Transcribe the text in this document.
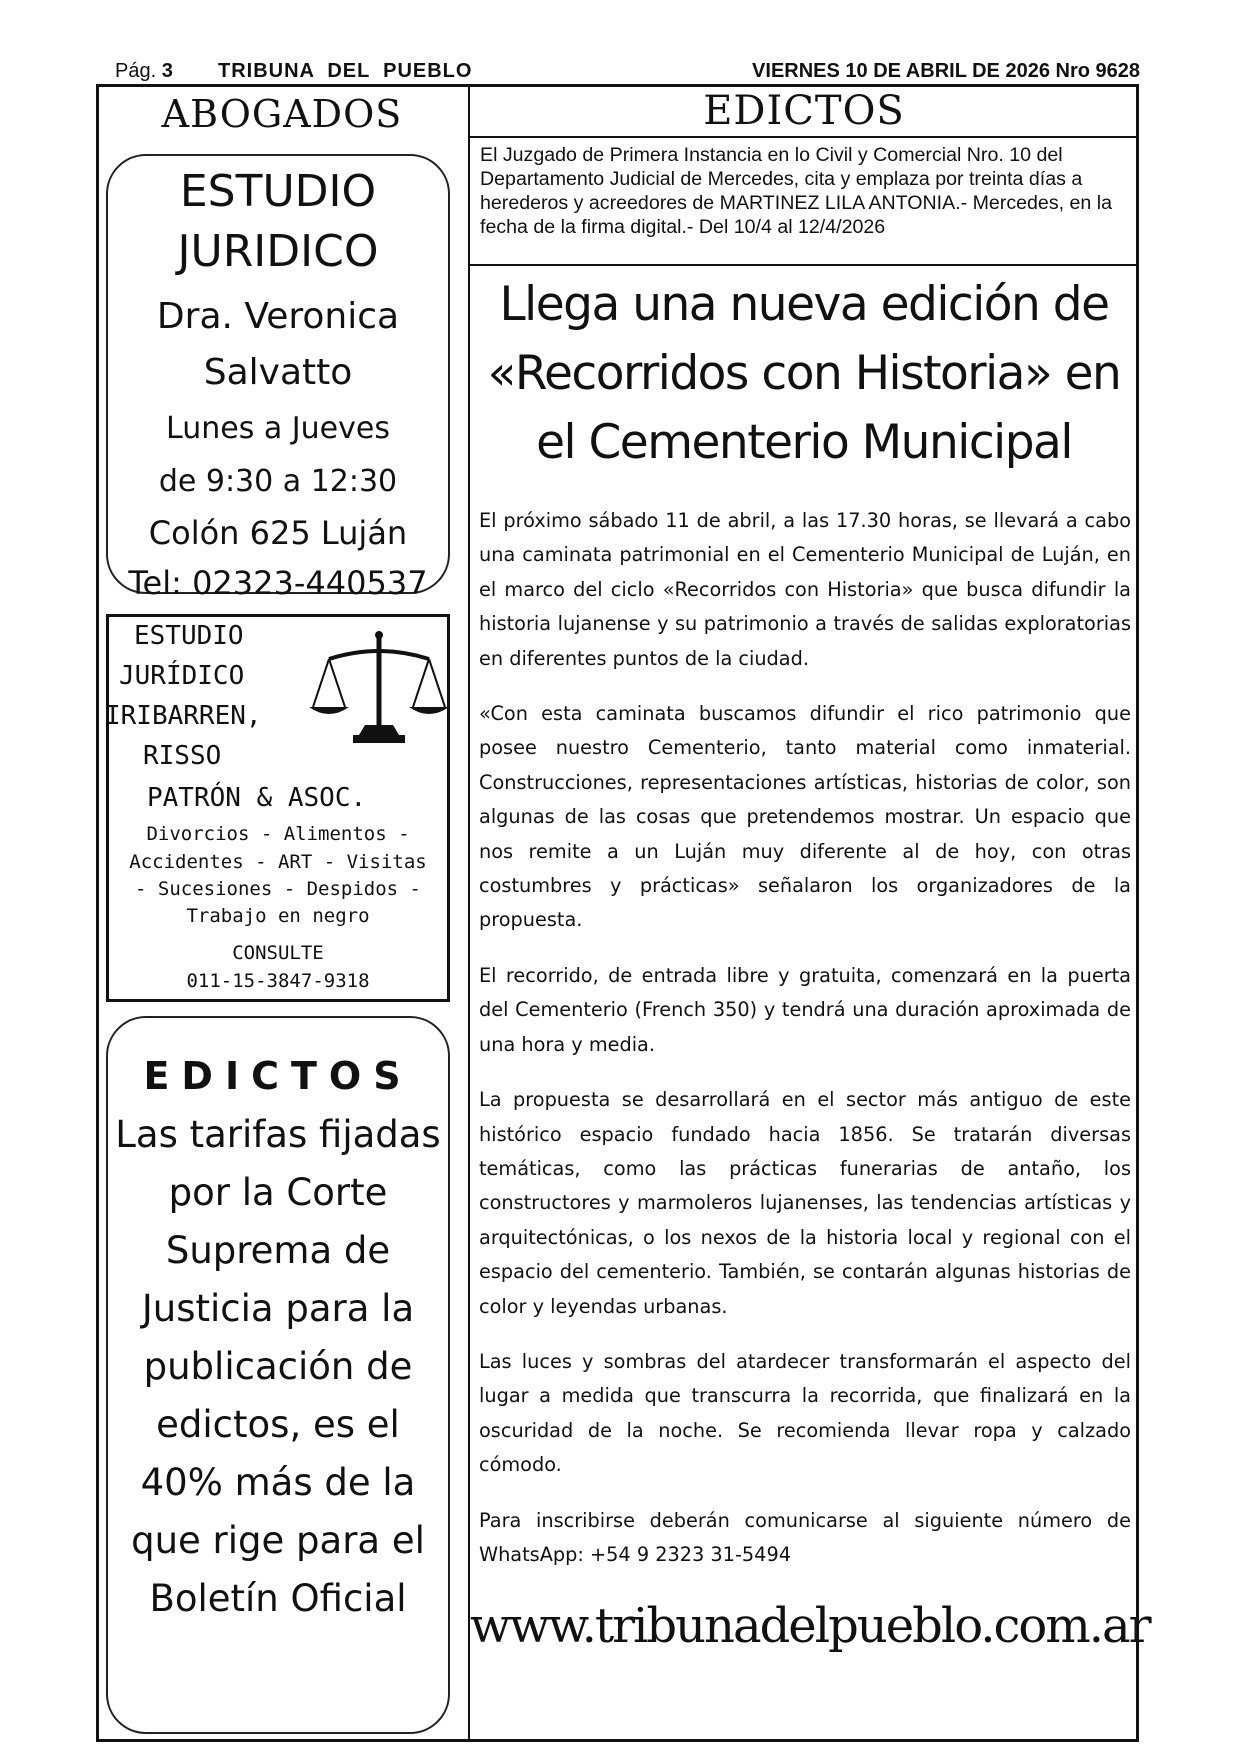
Pág. 3 TRIBUNA  DEL  PUEBLO	VIERNES 10 DE ABRIL DE 2026 Nro 9628
ABOGADOS
ESTUDIO
JURIDICO
Dra. Veronica
Salvatto
Lunes a Jueves
de 9:30 a 12:30
Colón 625 Luján
Tel: 02323-440537
ESTUDIO
JURÍDICO
IRIBARREN,
RISSO
PATRÓN & ASOC.
Divorcios - Alimentos -
Accidentes - ART - Visitas
- Sucesiones - Despidos -
Trabajo en negro
CONSULTE
011-15-3847-9318
EDICTOS
Las tarifas fijadas por la Corte Suprema de Justicia para la publicación de edictos, es el 40% más de la que rige para el Boletín Oficial
EDICTOS
El Juzgado de Primera Instancia en lo Civil y Comercial Nro. 10 del Departamento Judicial de Mercedes, cita y emplaza por treinta días a herederos y acreedores de MARTINEZ LILA ANTONIA.- Mercedes, en la fecha de la firma digital.- Del 10/4 al 12/4/2026
Llega una nueva edición de «Recorridos con Historia» en el Cementerio Municipal

El próximo sábado 11 de abril, a las 17.30 horas, se llevará a cabo una caminata patrimonial en el Cementerio Municipal de Luján, en el marco del ciclo «Recorridos con Historia» que busca difundir la historia lujanense y su patrimonio a través de salidas exploratorias en diferentes puntos de la ciudad.

«Con esta caminata buscamos difundir el rico patrimonio que posee nuestro Cementerio, tanto material como inmaterial. Construcciones, representaciones artísticas, historias de color, son algunas de las cosas que pretendemos mostrar. Un espacio que nos remite a un Luján muy diferente al de hoy, con otras costumbres y prácticas» señalaron los organizadores de la propuesta.

El recorrido, de entrada libre y gratuita, comenzará en la puerta del Cementerio (French 350) y tendrá una duración aproximada de una hora y media.

La propuesta se desarrollará en el sector más antiguo de este histórico espacio fundado hacia 1856. Se tratarán diversas temáticas, como las prácticas funerarias de antaño, los constructores y marmoleros lujanenses, las tendencias artísticas y arquitectónicas, o los nexos de la historia local y regional con el espacio del cementerio. También, se contarán algunas historias de color y leyendas urbanas.

Las luces y sombras del atardecer transformarán el aspecto del lugar a medida que transcurra la recorrida, que finalizará en la oscuridad de la noche. Se recomienda llevar ropa y calzado cómodo.

Para inscribirse deberán comunicarse al siguiente número de WhatsApp: +54 9 2323 31-5494

www.tribunadelpueblo.com.ar
